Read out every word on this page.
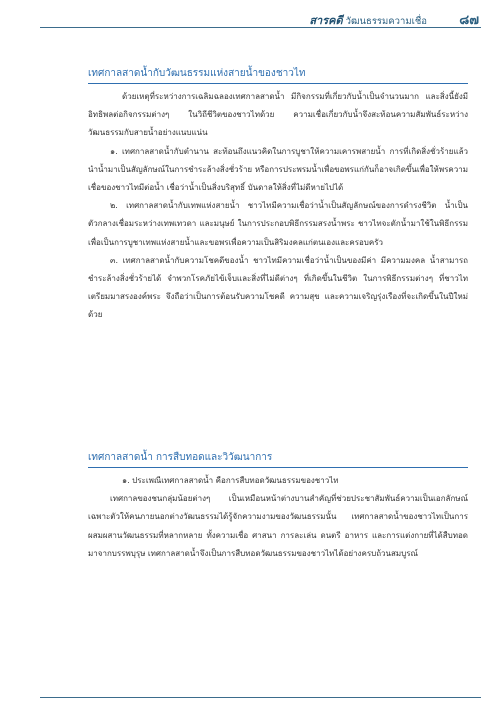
สารคดี วัฒนธรรมความเชื่อ ๘๗
เทศกาลสาดน้ำกับวัฒนธรรมแห่งสายน้ำของชาวไท

ด้วยเหตุที่ระหว่างการเฉลิมฉลองเทศกาลสาดน้ำ มีกิจกรรมที่เกี่ยวกับน้ำเป็นจำนวนมาก และสิ่งนี้ยังมีอิทธิพลต่อกิจกรรมต่างๆ ในวิถีชีวิตของชาวไทด้วย ความเชื่อเกี่ยวกับน้ำจึงสะท้อนความสัมพันธ์ระหว่างวัฒนธรรมกับสายน้ำอย่างแนบแน่น

๑. เทศกาลสาดน้ำกับตำนาน สะท้อนถึงแนวคิดในการบูชาให้ความเคารพสายน้ำ การที่เกิดสิ่งชั่วร้ายแล้วนำน้ำมาเป็นสัญลักษณ์ในการชำระล้างสิ่งชั่วร้าย หรือการประพรมน้ำเพื่อขอพรแก่กันก็อาจเกิดขึ้นเพื่อให้พรความเชื่อของชาวไทมีต่อน้ำ เชื่อว่าน้ำเป็นสิ่งบริสุทธิ์ บันดาลให้สิ่งที่ไม่ดีหายไปได้

๒. เทศกาลสาดน้ำกับเทพแห่งสายน้ำ ชาวไทมีความเชื่อว่าน้ำเป็นสัญลักษณ์ของการดำรงชีวิต น้ำเป็นตัวกลางเชื่อมระหว่างเทพเทวดา และมนุษย์ ในการประกอบพิธีกรรมสรงน้ำพระ ชาวไทจะตักน้ำมาใช้ในพิธีกรรม เพื่อเป็นการบูชาเทพแห่งสายน้ำและขอพรเพื่อความเป็นสิริมงคลแก่ตนเองและครอบครัว

๓. เทศกาลสาดน้ำกับความโชคดีของน้ำ ชาวไทมีความเชื่อว่าน้ำเป็นของมีค่า มีความมงคล น้ำสามารถชำระล้างสิ่งชั่วร้ายได้ จำพวกโรคภัยไข้เจ็บและสิ่งที่ไม่ดีต่างๆ ที่เกิดขึ้นในชีวิต ในการพิธีกรรมต่างๆ ที่ชาวไทเตรียมมาสรงองค์พระ จึงถือว่าเป็นการต้อนรับความโชคดี ความสุข และความเจริญรุ่งเรืองที่จะเกิดขึ้นในปีใหม่ด้วย

เทศกาลสาดน้ำ การสืบทอดและวิวัฒนาการ

๑. ประเพณีเทศกาลสาดน้ำ คือการสืบทอดวัฒนธรรมของชาวไท

เทศกาลของชนกลุ่มน้อยต่างๆ เป็นเหมือนหน้าต่างบานสำคัญที่ช่วยประชาสัมพันธ์ความเป็นเอกลักษณ์เฉพาะตัวให้คนภายนอกต่างวัฒนธรรมได้รู้จักความงามของวัฒนธรรมนั้น เทศกาลสาดน้ำของชาวไทเป็นการผสมผสานวัฒนธรรมที่หลากหลาย ทั้งความเชื่อ ศาสนา การละเล่น ดนตรี อาหาร และการแต่งกายที่ได้สืบทอดมาจากบรรพบุรุษ เทศกาลสาดน้ำจึงเป็นการสืบทอดวัฒนธรรมของชาวไทได้อย่างครบถ้วนสมบูรณ์
